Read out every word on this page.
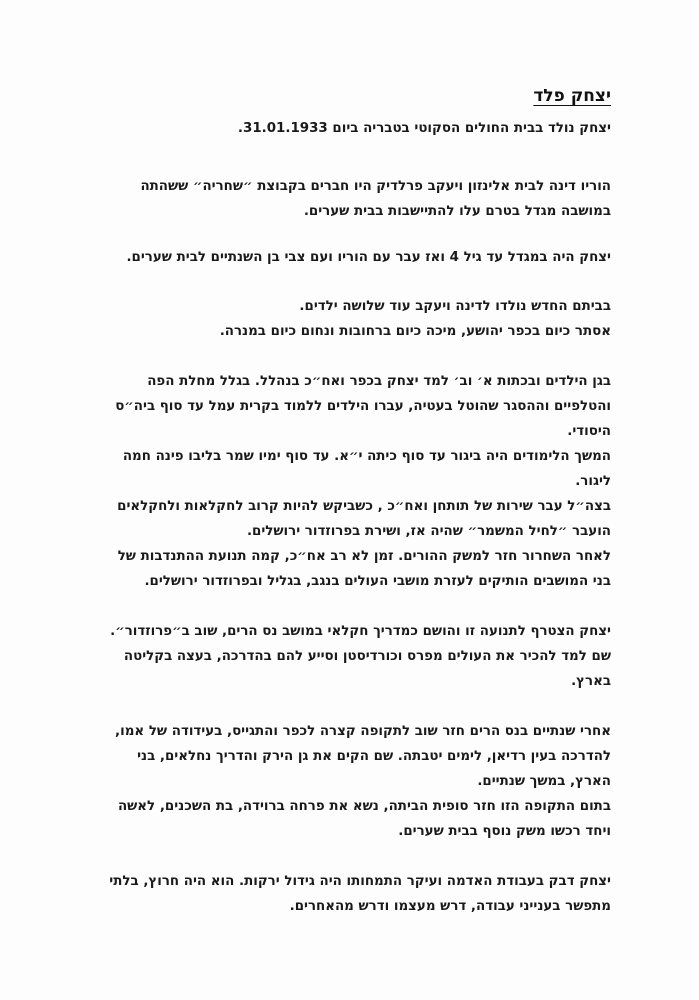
יצחק פלד

יצחק נולד בבית החולים הסקוטי בטבריה ביום 31.01.1933.

הוריו דינה לבית אלינזון ויעקב פרלדיק היו חברים בקבוצת ״שחריה״ ששהתה

במושבה מגדל בטרם עלו להתיישבות בבית שערים.

יצחק היה במגדל עד גיל 4 ואז עבר עם הוריו ועם צבי בן השנתיים לבית שערים.

בביתם החדש נולדו לדינה ויעקב עוד שלושה ילדים.

אסתר כיום בכפר יהושע, מיכה כיום ברחובות ונחום כיום במנרה.

בגן הילדים ובכתות א׳ וב׳ למד יצחק בכפר ואח״כ בנהלל. בגלל מחלת הפה

והטלפיים וההסגר שהוטל בעטיה, עברו הילדים ללמוד בקרית עמל עד סוף ביה״ס

היסודי.

המשך הלימודים היה ביגור עד סוף כיתה י״א. עד סוף ימיו שמר בליבו פינה חמה

ליגור.

בצה״ל עבר שירות של תותחן ואח״כ , כשביקש להיות קרוב לחקלאות ולחקלאים

הועבר ״לחיל המשמר״ שהיה אז, ושירת בפרוזדור ירושלים.

לאחר השחרור חזר למשק ההורים. זמן לא רב אח״כ, קמה תנועת ההתנדבות של

בני המושבים הותיקים לעזרת מושבי העולים בנגב, בגליל ובפרוזדור ירושלים.

יצחק הצטרף לתנועה זו והושם כמדריך חקלאי במושב נס הרים, שוב ב״פרוזדור״.

שם למד להכיר את העולים מפרס וכורדיסטן וסייע להם בהדרכה, בעצה בקליטה

בארץ.

אחרי שנתיים בנס הרים חזר שוב לתקופה קצרה לכפר והתגייס, בעידודה של אמו,

להדרכה בעין רדיאן, לימים יטבתה. שם הקים את גן הירק והדריך נחלאים, בני

הארץ, במשך שנתיים.

בתום התקופה הזו חזר סופית הביתה, נשא את פרחה ברוידה, בת השכנים, לאשה

ויחד רכשו משק נוסף בבית שערים.

יצחק דבק בעבודת האדמה ועיקר התמחותו היה גידול ירקות. הוא היה חרוץ, בלתי

מתפשר בענייני עבודה, דרש מעצמו ודרש מהאחרים.
